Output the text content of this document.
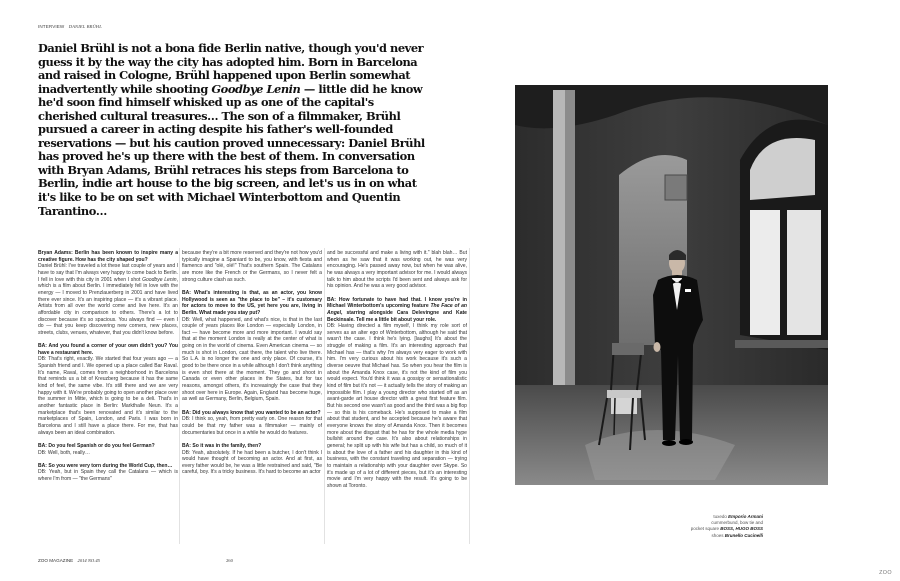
INTERVIEW DANIEL BRÜHL

Daniel Brühl is not a bona fide Berlin native, though you'd never guess it by the way the city has adopted him. Born in Barcelona and raised in Cologne, Brühl happened upon Berlin somewhat inadvertently while shooting Goodbye Lenin — little did he know he'd soon find himself whisked up as one of the capital's cherished cultural treasures… The son of a filmmaker, Brühl pursued a career in acting despite his father's well-founded reservations — but his caution proved unnecessary: Daniel Brühl has proved he's up there with the best of them. In conversation with Bryan Adams, Brühl retraces his steps from Barcelona to Berlin, indie art house to the big screen, and let's us in on what it's like to be on set with Michael Winterbottom and Quentin Tarantino…

Bryan Adams: Berlin has been known to inspire many a creative figure. How has the city shaped you?
Daniel Brühl: I've traveled a lot these last couple of years and I have to say that I'm always very happy to come back to Berlin. I fell in love with this city in 2001 when I shot Goodbye Lenin, which is a film about Berlin. I immediately fell in love with the energy — I moved to Prenzlauerberg in 2001 and have lived there ever since. It's an inspiring place — it's a vibrant place. Artists from all over the world come and live here. It's an affordable city in comparison to others. There's a lot to discover because it's so spacious. You always find — even I do — that you keep discovering new corners, new places, streets, clubs, venues, whatever, that you didn't know before.
BA: And you found a corner of your own didn't you? You have a restaurant here.
DB: That's right, exactly. We started that four years ago — a Spanish friend and I. We opened up a place called Bar Raval. It's name, Raval, comes from a neighborhood in Barcelona that reminds us a bit of Kreuzberg because it has the same kind of feel, the same vibe. It's still there and we are very happy with it. We're probably going to open another place over the summer in Mitte, which is going to be a deli. That's in another fantastic place in Berlin: Markthalle Neun. It's a marketplace that's been renovated and it's similar to the marketplaces of Spain, London, and Paris. I was born in Barcelona and I still have a place there. For me, that has always been an ideal combination.
BA: Do you feel Spanish or do you feel German?
DB: Well, both, really…
BA: So you were very torn during the World Cup, then…
DB: Yeah, but in Spain they call the Catalans — which is where I'm from — "the Germans"
because they're a bit more reserved and they're not how you'd typically imagine a Spaniard to be, you know, with fiesta and flamenco and "olé, olé!" That's southern Spain. The Catalans are more like the French or the Germans, so I never felt a strong culture clash as such.
BA: What's interesting is that, as an actor, you know Hollywood is seen as "the place to be" – it's customary for actors to move to the US, yet here you are, living in Berlin. What made you stay put?
DB: Well, what happened, and what's nice, is that in the last couple of years places like London — especially London, in fact — have become more and more important. I would say that at the moment London is really at the center of what is going on in the world of cinema. Even American cinema — so much is shot in London, cast there, the talent who live there. So L.A. is no longer the one and only place. Of course, it's good to be there once in a while although I don't think anything is even shot there at the moment. They go and shoot in Canada or even other places in the States, but for tax reasons, amongst others, it's increasingly the case that they shoot over here in Europe. Again, England has become huge, as well as Germany, Berlin, Belgium, Spain.
BA: Did you always know that you wanted to be an actor?
DB: I think so, yeah, from pretty early on. One reason for that could be that my father was a filmmaker — mainly of documentaries but once in a while he would do features.
BA: So it was in the family, then?
DB: Yeah, absolutely. If he had been a butcher, I don't think I would have thought of becoming an actor. And at first, as every father would be, he was a little restrained and said, "Be careful, boy. It's a tricky business. It's hard to become an actor
and be successful and make a living with it." blah blah… But when as he saw that it was working out, he was very encouraging. He's passed away now, but when he was alive, he was always a very important advisor for me. I would always talk to him about the scripts I'd been sent and always ask for his opinion. And he was a very good advisor.
BA: How fortunate to have had that. I know you're in Michael Winterbottom's upcoming feature The Face of an Angel, starring alongside Cara Delevingne and Kate Beckinsale. Tell me a little bit about your role.
DB: Having directed a film myself, I think my role sort of serves as an alter ego of Winterbottom, although he said that wasn't the case. I think he's lying. [laughs] It's about the struggle of making a film. It's an interesting approach that Michael has — that's why I'm always very eager to work with him. I'm very curious about his work because it's such a diverse oeuvre that Michael has. So when you hear the film is about the Amanda Knox case, it's not the kind of film you would expect. You'd think it was a gossipy or sensationalistic kind of film but it's not — it actually tells the story of making an impossible film. I play a young director who started off as an avant-garde art house director with a great first feature film. But his second one wasn't as good and the third was a big flop — so this is his comeback. He's supposed to make a film about that student, and he accepted because he's aware that everyone knows the story of Amanda Knox. Then it becomes more about the disgust that he has for the whole media hype bullshit around the case. It's also about relationships in general; he split up with his wife but has a child, so much of it is about the love of a father and his daughter in this kind of business, with the constant traveling and separation — trying to maintain a relationship with your daughter over Skype. So it's made up of a lot of different pieces, but it's an interesting movie and I'm very happy with the result. It's going to be shown at Toronto.
ZOO MAGAZINE 2014 NO.45	260
tuxedo Emporio Armani
cummerbund, bow tie and
pocket square BOSS, HUGO BOSS
shoes Brunello Cucinelli
ZOO
